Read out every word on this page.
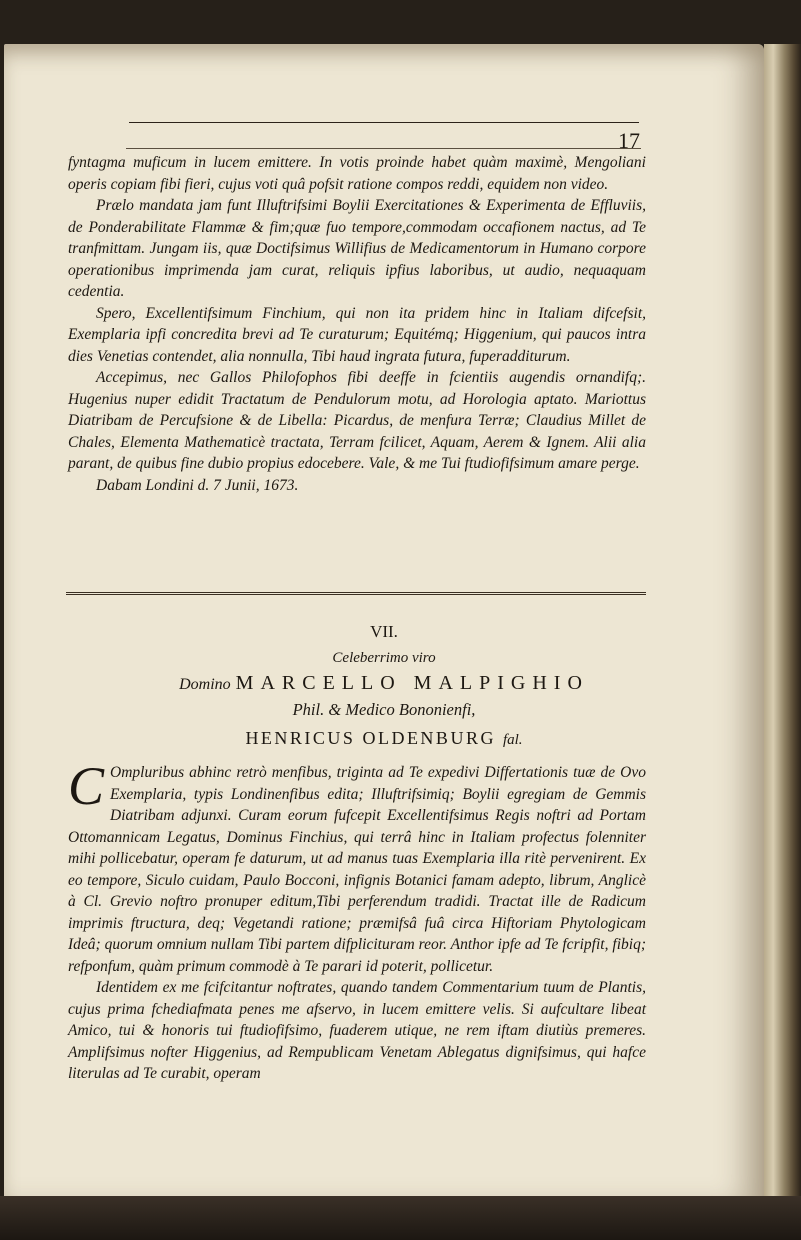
17

fyntagma muficum in lucem emittere. In votis proinde habet quàm maximè, Mengoliani operis copiam fibi fieri, cujus voti quâ pofsit ratione compos reddi, equidem non video.

Prælo mandata jam funt Illuftrifsimi Boylii Exercitationes & Experimenta de Effluviis, de Ponderabilitate Flammæ & fim;quæ fuo tempore,commodam occafionem nactus, ad Te tranfmittam. Jungam iis, quæ Doctifsimus Willifius de Medicamentorum in Humano corpore operationibus imprimenda jam curat, reliquis ipfius laboribus, ut audio, nequaquam cedentia.

Spero, Excellentifsimum Finchium, qui non ita pridem hinc in Italiam difcefsit, Exemplaria ipfi concredita brevi ad Te curaturum; Equitémq; Higgenium, qui paucos intra dies Venetias contendet, alia nonnulla, Tibi haud ingrata futura, fuperadditurum.

Accepimus, nec Gallos Philofophos fibi deeffe in fcientiis augendis ornandifq;. Hugenius nuper edidit Tractatum de Pendulorum motu, ad Horologia aptato. Mariottus Diatribam de Percufsione & de Libella: Picardus, de menfura Terræ; Claudius Millet de Chales, Elementa Mathematicè tractata, Terram fcilicet, Aquam, Aerem & Ignem. Alii alia parant, de quibus fine dubio propius edocebere. Vale, & me Tui ftudiofifsimum amare perge.

Dabam Londini d. 7 Junii, 1673.

VII.
Celeberrimo viro
Domino MARCELLO MALPIGHIO
Phil. & Medico Bononienfi,
HENRICUS OLDENBURG fal.

C Ompluribus abhinc retrò menfibus, triginta ad Te expedivi Differtationis tuæ de Ovo Exemplaria, typis Londinenfibus edita; Illuftrifsimiq; Boylii egregiam de Gemmis Diatribam adjunxi. Curam eorum fufcepit Excellentifsimus Regis noftri ad Portam Ottomannicam Legatus, Dominus Finchius, qui terrâ hinc in Italiam profectus folenniter mihi pollicebatur, operam fe daturum, ut ad manus tuas Exemplaria illa ritè pervenirent. Ex eo tempore, Siculo cuidam, Paulo Bocconi, infignis Botanici famam adepto, librum, Anglicè à Cl. Grevio noftro pronuper editum,Tibi perferendum tradidi. Tractat ille de Radicum imprimis ftructura, deq; Vegetandi ratione; præmifsâ fuâ circa Hiftoriam Phytologicam Ideâ; quorum omnium nullam Tibi partem difplicituram reor. Anthor ipfe ad Te fcripfit, fibiq; refponfum, quàm primum commodè à Te parari id poterit, pollicetur.

Identidem ex me fcifcitantur noftrates, quando tandem Commentarium tuum de Plantis, cujus prima fchediafmata penes me afservo, in lucem emittere velis. Si aufcultare libeat Amico, tui & honoris tui ftudiofifsimo, fuaderem utique, ne rem iftam diutiùs premeres. Amplifsimus nofter Higgenius, ad Rempublicam Venetam Ablegatus dignifsimus, qui hafce literulas ad Te curabit, operam
